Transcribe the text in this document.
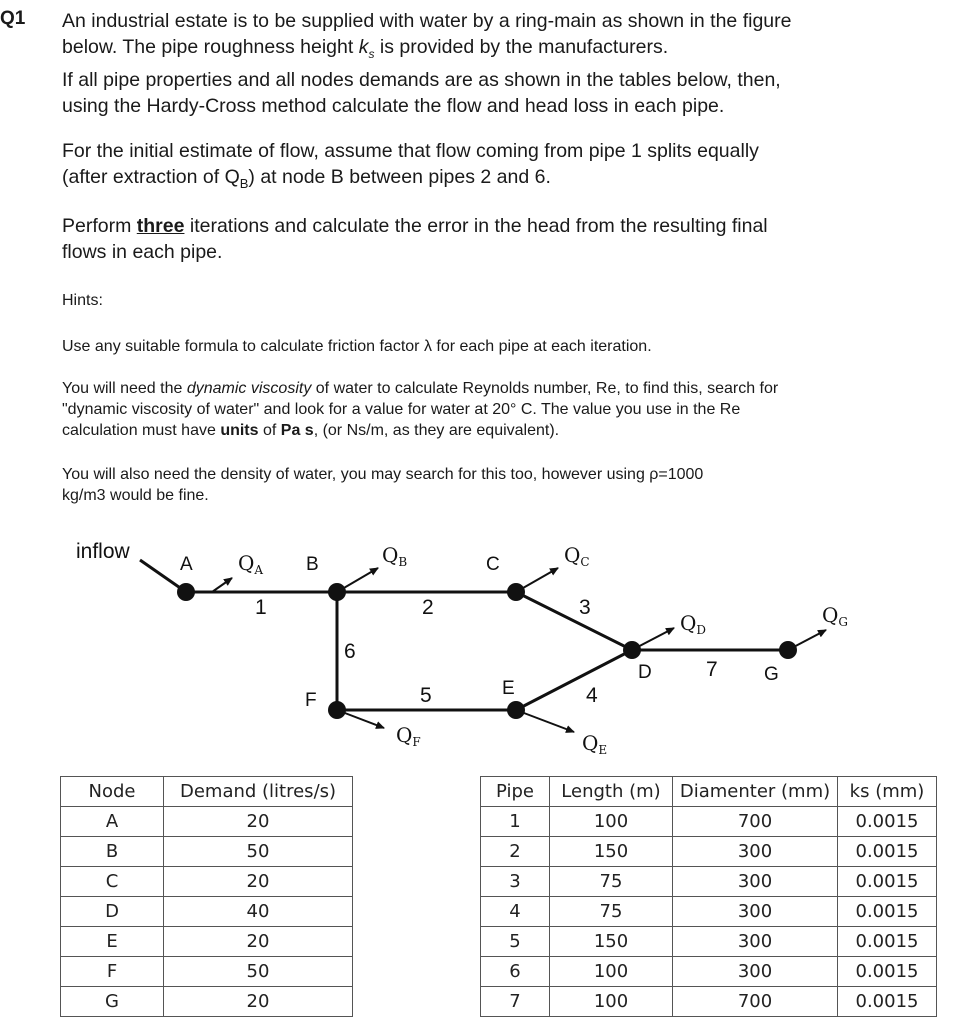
Q1 An industrial estate is to be supplied with water by a ring-main as shown in the figure
below. The pipe roughness height $k_s$ is provided by the manufacturers.
If all pipe properties and all nodes demands are as shown in the tables below, then,
using the Hardy-Cross method calculate the flow and head loss in each pipe.

For the initial estimate of flow, assume that flow coming from pipe 1 splits equally
(after extraction of $Q_B$) at node B between pipes 2 and 6.

Perform three iterations and calculate the error in the head from the resulting final
flows in each pipe.

Hints:

Use any suitable formula to calculate friction factor λ for each pipe at each iteration.

You will need the dynamic viscosity of water to calculate Reynolds number, Re, to find this, search for
"dynamic viscosity of water" and look for a value for water at 20° C. The value you use in the Re
calculation must have units of Pa s, (or Ns/m, as they are equivalent).

You will also need the density of water, you may search for this too, however using ρ=1000
kg/m3 would be fine.

inflow
A	B	C
D
E
F
G
1	2	3
4
5
6
7
$Q_A$
$Q_B$	$Q_C$
$Q_D$
$Q_G$
$Q_F$	$Q_E$
Node	Demand (litres/s)
A	20
B	50
C	20
D	40
E	20
F	50
G	20
Pipe	Length (m)	Diamenter (mm)	ks (mm)
1	100	700	0.0015
2	150	300	0.0015
3	75	300	0.0015
4	75	300	0.0015
5	150	300	0.0015
6	100	300	0.0015
7	100	700	0.0015
